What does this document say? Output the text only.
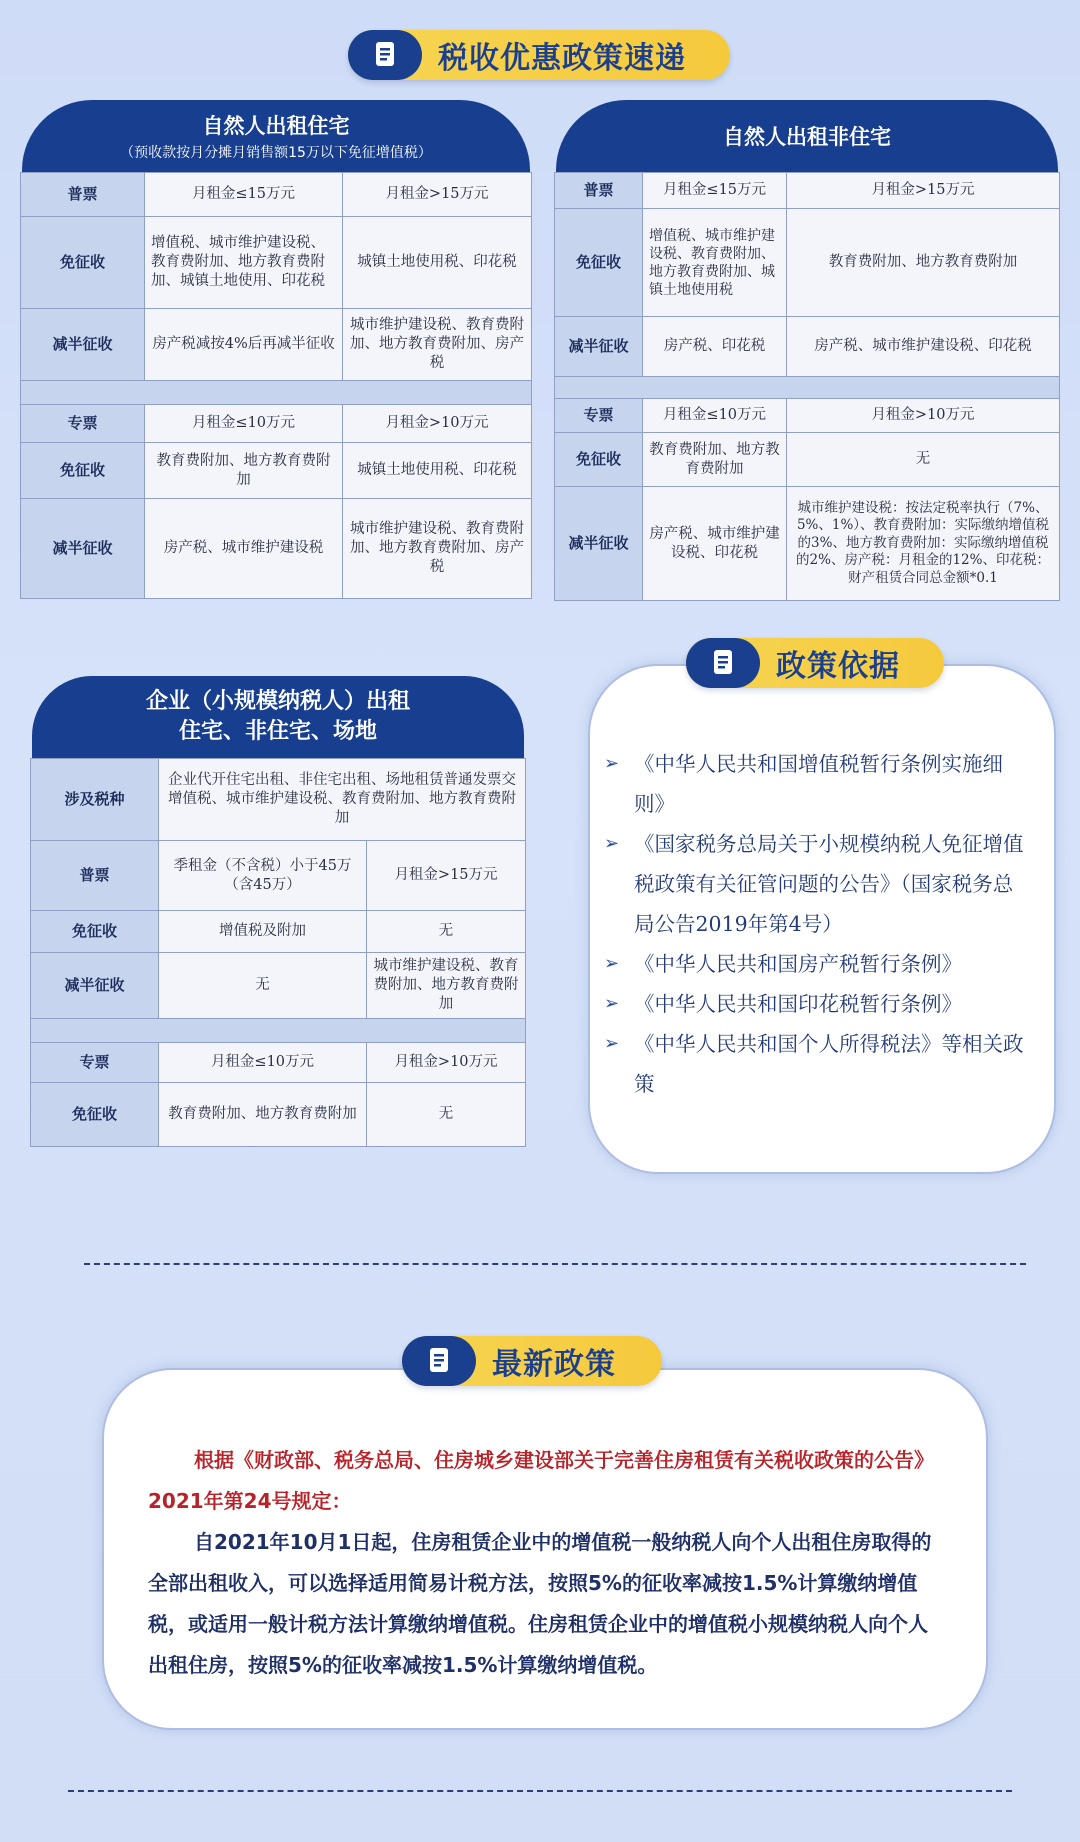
税收优惠政策速递
自然人出租住宅
（预收款按月分摊月销售额15万以下免征增值税）
普票	月租金≤15万元	月租金>15万元
免征收	增值税、城市维护建设税、教育费附加、地方教育费附加、城镇土地使用、印花税	城镇土地使用税、印花税
减半征收	房产税减按4%后再减半征收	城市维护建设税、教育费附加、地方教育费附加、房产税

专票	月租金≤10万元	月租金>10万元
免征收	教育费附加、地方教育费附加	城镇土地使用税、印花税
减半征收	房产税、城市维护建设税	城市维护建设税、教育费附加、地方教育费附加、房产税
自然人出租非住宅
普票	月租金≤15万元	月租金>15万元
免征收	增值税、城市维护建设税、教育费附加、地方教育费附加、城镇土地使用税	教育费附加、地方教育费附加
减半征收	房产税、印花税	房产税、城市维护建设税、印花税

专票	月租金≤10万元	月租金>10万元
免征收	教育费附加、地方教育费附加	无
减半征收	房产税、城市维护建设税、印花税	城市维护建设税：按法定税率执行（7%、5%、1%）、教育费附加：实际缴纳增值税的3%、地方教育费附加：实际缴纳增值税的2%、房产税：月租金的12%、印花税：财产租赁合同总金额*0.1
企业（小规模纳税人）出租
住宅、非住宅、场地
涉及税种	企业代开住宅出租、非住宅出租、场地租赁普通发票交增值税、城市维护建设税、教育费附加、地方教育费附加	
普票	季租金（不含税）小于45万（含45万）	月租金>15万元
免征收	增值税及附加	无
减半征收	无	城市维护建设税、教育费附加、地方教育费附加

专票	月租金≤10万元	月租金>10万元
免征收	教育费附加、地方教育费附加	无
➢ 《中华人民共和国增值税暂行条例实施细则》
➢ 《国家税务总局关于小规模纳税人免征增值税政策有关征管问题的公告》（国家税务总局公告2019年第4号）
➢ 《中华人民共和国房产税暂行条例》
➢ 《中华人民共和国印花税暂行条例》
➢ 《中华人民共和国个人所得税法》等相关政策
政策依据

根据《财政部、税务总局、住房城乡建设部关于完善住房租赁有关税收政策的公告》2021年第24号规定：

自2021年10月1日起，住房租赁企业中的增值税一般纳税人向个人出租住房取得的全部出租收入，可以选择适用简易计税方法，按照5%的征收率减按1.5%计算缴纳增值税，或适用一般计税方法计算缴纳增值税。住房租赁企业中的增值税小规模纳税人向个人出租住房，按照5%的征收率减按1.5%计算缴纳增值税。

最新政策
